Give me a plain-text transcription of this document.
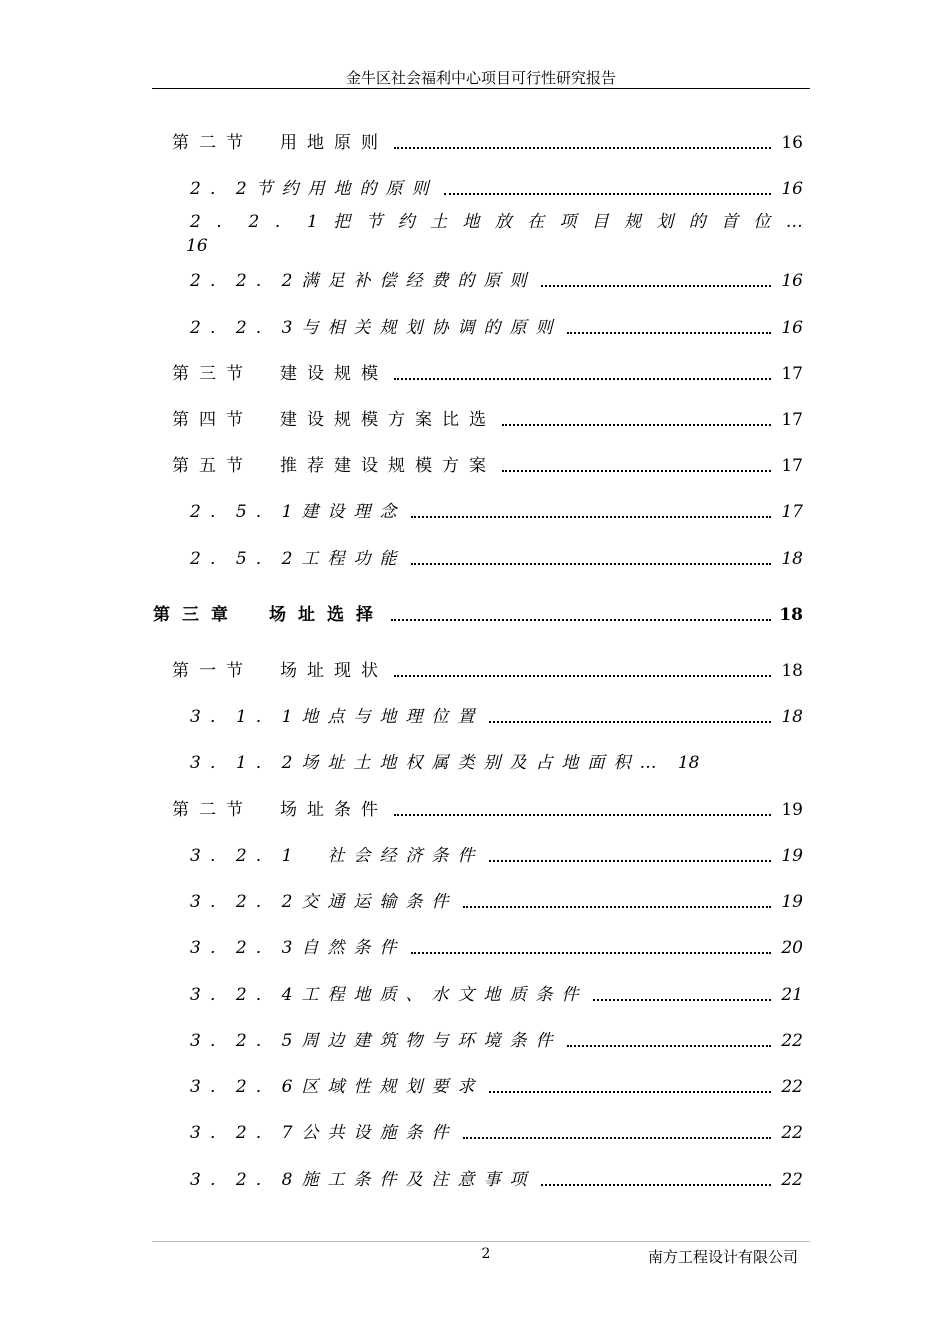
金牛区社会福利中心项目可行性研究报告
第二节　用地原则	16
2．2节约用地的原则	16
2 ． 2 ． 1 把 节 约 土 地 放 在 项 目 规 划 的 首 位 …
16
2．2．2满足补偿经费的原则	16
2．2．3与相关规划协调的原则	16
第三节　建设规模	17
第四节　建设规模方案比选	17
第五节　推荐建设规模方案	17
2．5．1建设理念	17
2．5．2工程功能	18
第三章　场址选择	18
第一节　场址现状	18
3．1．1地点与地理位置	18
3．1．2场址土地权属类别及占地面积… 18
第二节　场址条件	19
3．2．1　社会经济条件	19
3．2．2交通运输条件	19
3．2．3自然条件	20
3．2．4工程地质、水文地质条件	21
3．2．5周边建筑物与环境条件	22
3．2．6区域性规划要求	22
3．2．7公共设施条件	22
3．2．8施工条件及注意事项	22
2	南方工程设计有限公司
